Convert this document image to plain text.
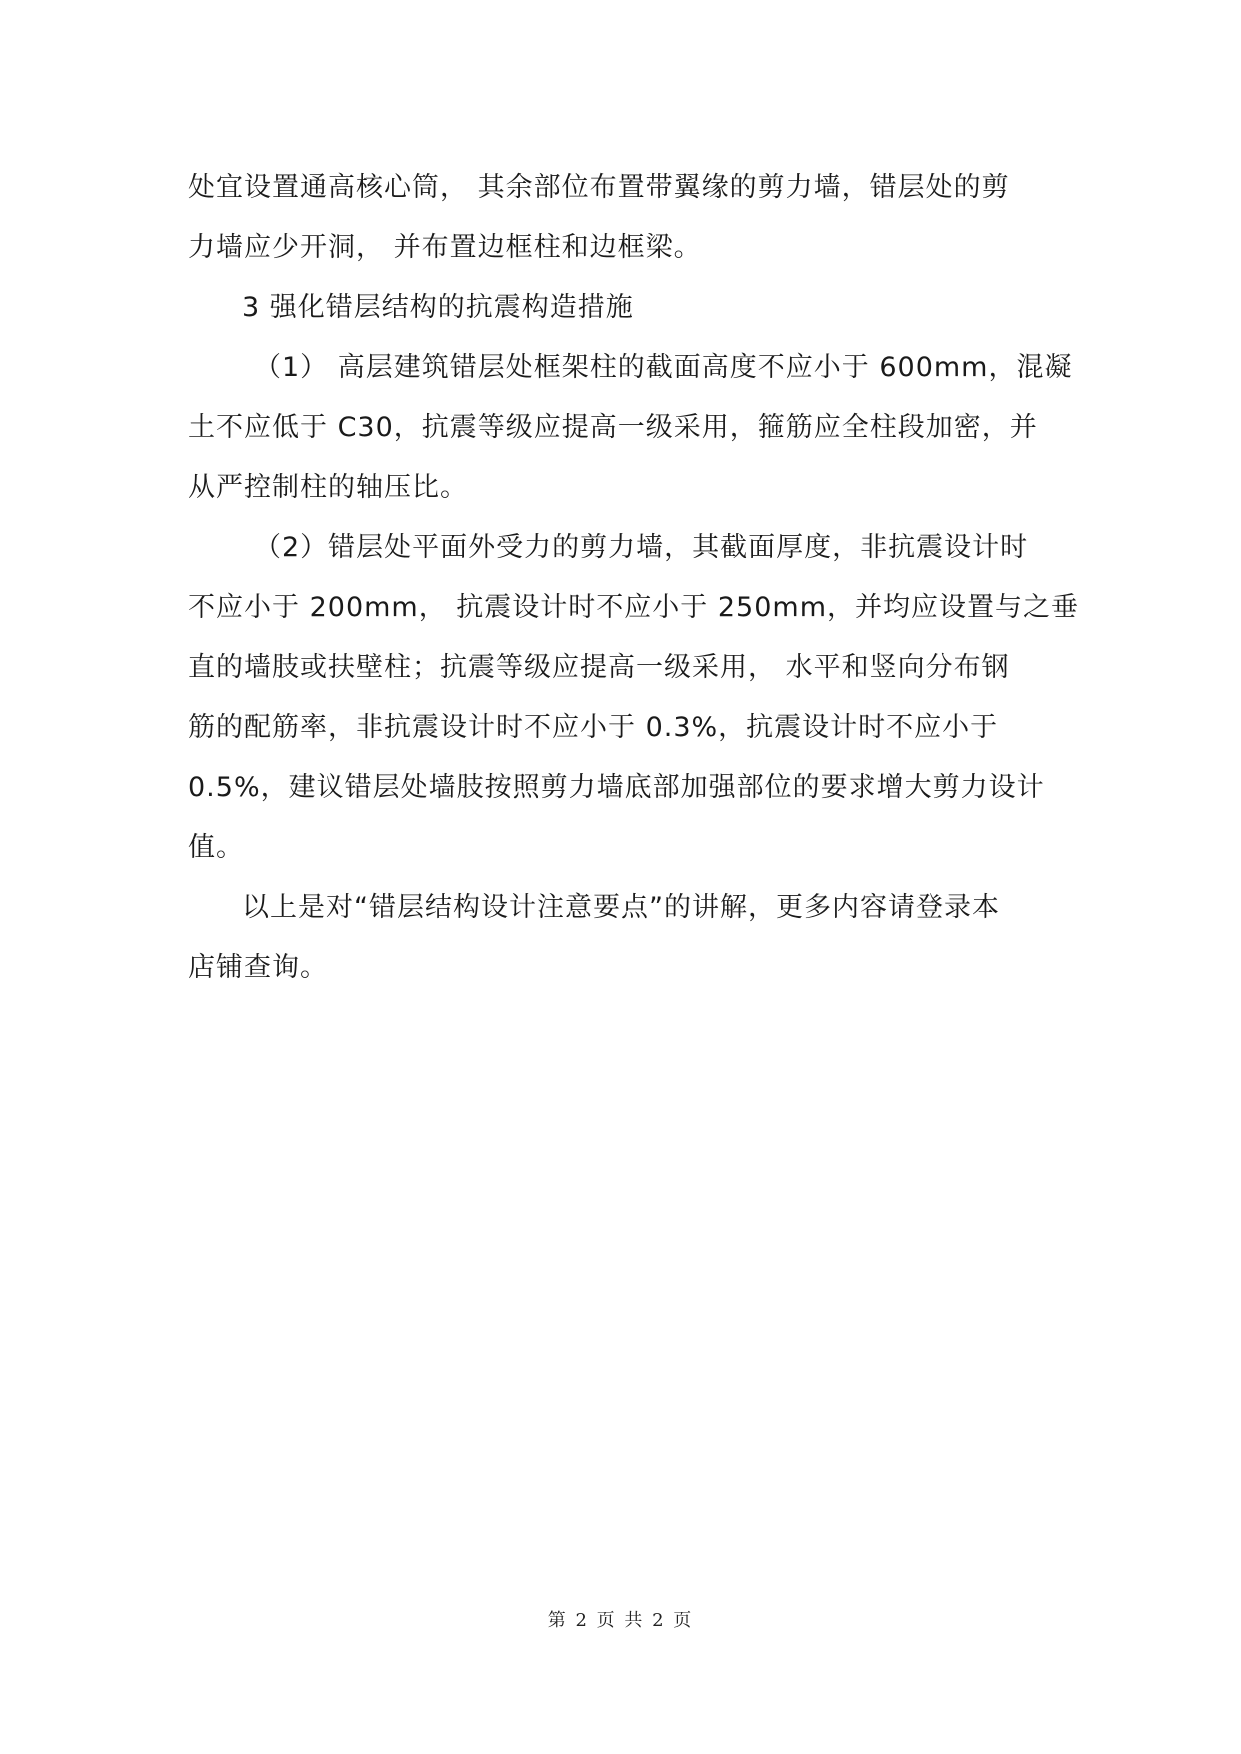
处宜设置通高核心筒， 其余部位布置带翼缘的剪力墙，错层处的剪
力墙应少开洞， 并布置边框柱和边框梁。
3 强化错层结构的抗震构造措施
（1） 高层建筑错层处框架柱的截面高度不应小于 600mm，混凝
土不应低于 C30，抗震等级应提高一级采用，箍筋应全柱段加密，并
从严控制柱的轴压比。
（2）错层处平面外受力的剪力墙，其截面厚度，非抗震设计时
不应小于 200mm， 抗震设计时不应小于 250mm，并均应设置与之垂
直的墙肢或扶壁柱；抗震等级应提高一级采用， 水平和竖向分布钢
筋的配筋率，非抗震设计时不应小于 0.3%，抗震设计时不应小于
0.5%，建议错层处墙肢按照剪力墙底部加强部位的要求增大剪力设计
值。
以上是对“错层结构设计注意要点”的讲解，更多内容请登录本
店铺查询。
第 2 页 共 2 页
